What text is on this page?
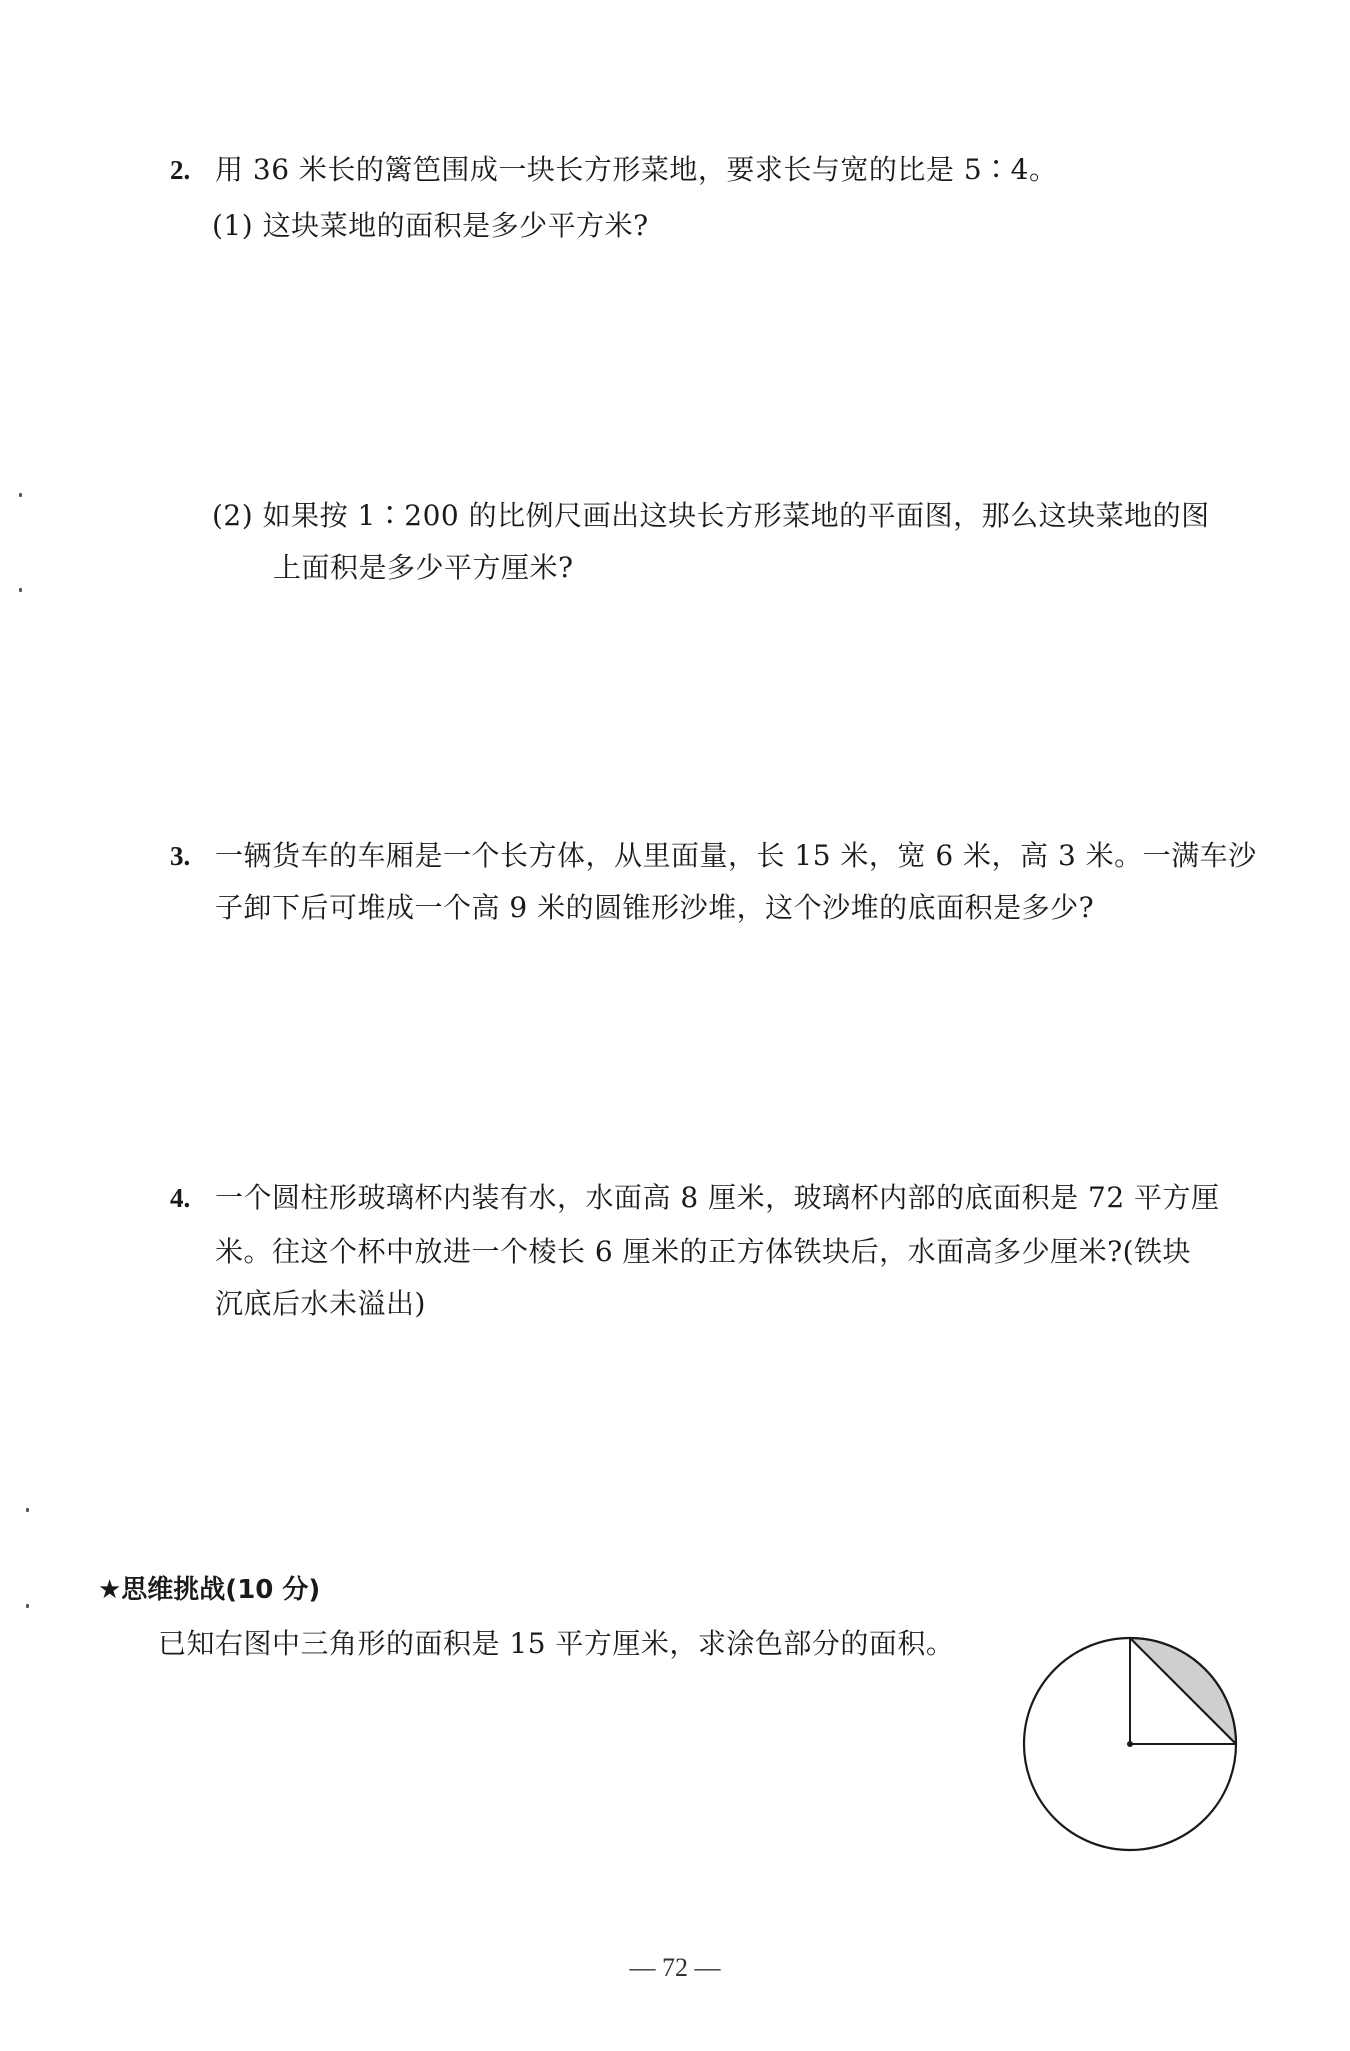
2. 用 36 米长的篱笆围成一块长方形菜地，要求长与宽的比是 5∶4。
(1) 这块菜地的面积是多少平方米?
(2) 如果按 1∶200 的比例尺画出这块长方形菜地的平面图，那么这块菜地的图
上面积是多少平方厘米?
3. 一辆货车的车厢是一个长方体，从里面量，长 15 米，宽 6 米，高 3 米。一满车沙
子卸下后可堆成一个高 9 米的圆锥形沙堆，这个沙堆的底面积是多少?
4. 一个圆柱形玻璃杯内装有水，水面高 8 厘米，玻璃杯内部的底面积是 72 平方厘
米。往这个杯中放进一个棱长 6 厘米的正方体铁块后，水面高多少厘米?(铁块
沉底后水未溢出)
★思维挑战(10 分)
已知右图中三角形的面积是 15 平方厘米，求涂色部分的面积。
— 72 —
